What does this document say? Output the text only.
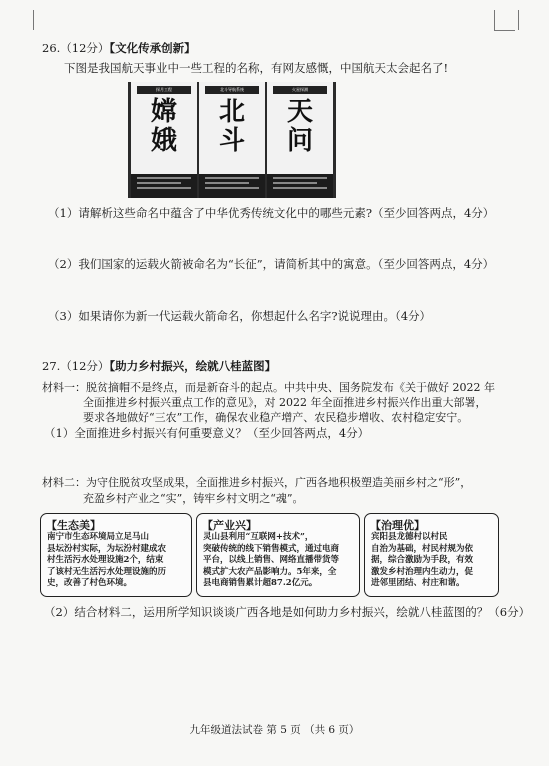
26.（12分）【文化传承创新】
下图是我国航天事业中一些工程的名称，有网友感慨，中国航天太会起名了!
探月工程
嫦
娥
北斗导航系统
北
斗
火星探测
天
问
（1）请解析这些命名中蕴含了中华优秀传统文化中的哪些元素?（至少回答两点，4分）
（2）我们国家的运载火箭被命名为“长征”，请简析其中的寓意。（至少回答两点，4分）
（3）如果请你为新一代运载火箭命名，你想起什么名字?说说理由。（4分）
27.（12分）【助力乡村振兴，绘就八桂蓝图】
材料一：脱贫摘帽不是终点，而是新奋斗的起点。中共中央、国务院发布《关于做好 2022 年
全面推进乡村振兴重点工作的意见》，对 2022 年全面推进乡村振兴作出重大部署，
要求各地做好“三农”工作，确保农业稳产增产、农民稳步增收、农村稳定安宁。
（1）全面推进乡村振兴有何重要意义？（至少回答两点，4分）
材料二：为守住脱贫攻坚成果，全面推进乡村振兴，广西各地积极塑造美丽乡村之“形”，
充盈乡村产业之“实”，铸牢乡村文明之“魂”。
【生态美】
南宁市生态环境局立足马山
县坛汾村实际，为坛汾村建成农
村生活污水处理设施2个，结束
了该村无生活污水处理设施的历
史，改善了村色环境。
【产业兴】
灵山县利用“互联网+技术”，
突破传统的线下销售模式，通过电商
平台，以线上销售、网络直播带货等
模式扩大农产品影响力。5年来，全
县电商销售累计超87.2亿元。
【治理优】
宾阳县龙德村以村民
自治为基础，村民村规为依
据，综合激励为手段，有效
激发乡村治理内生动力，促
进邻里团结、村庄和谐。
（2）结合材料二，运用所学知识谈谈广西各地是如何助力乡村振兴，绘就八桂蓝图的？（6分）
九年级道法试卷 第 5 页 （共 6 页）
